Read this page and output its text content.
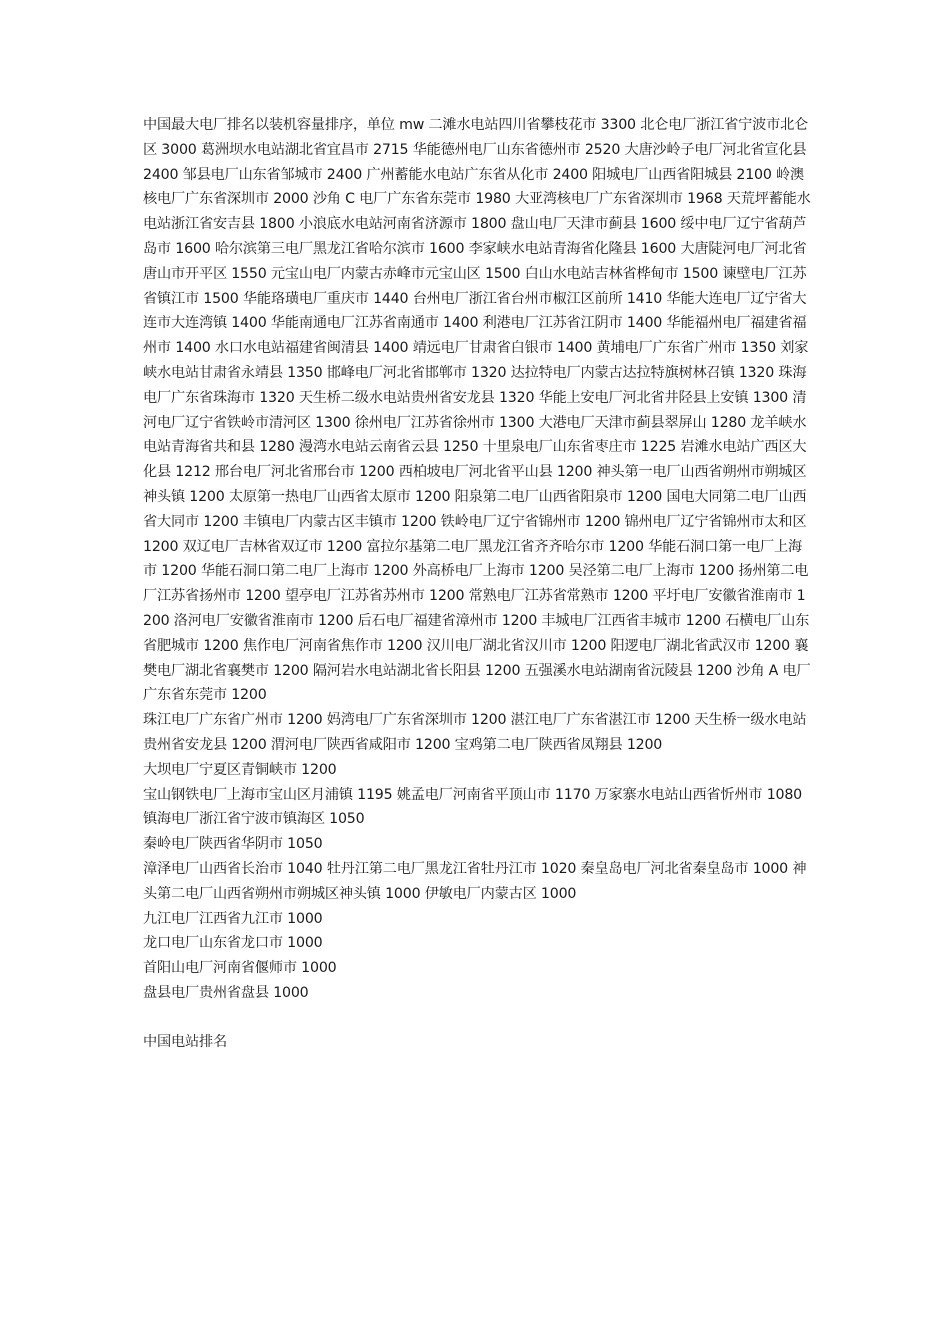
中国最大电厂排名以装机容量排序，单位 mw 二滩水电站四川省攀枝花市 3300 北仑电厂浙江省宁波市北仑区 3000 葛洲坝水电站湖北省宜昌市 2715 华能德州电厂山东省德州市 2520 大唐沙岭子电厂河北省宣化县 2400 邹县电厂山东省邹城市 2400 广州蓄能水电站广东省从化市 2400 阳城电厂山西省阳城县 2100 岭澳核电厂广东省深圳市 2000 沙角 C 电厂广东省东莞市 1980 大亚湾核电厂广东省深圳市 1968 天荒坪蓄能水电站浙江省安吉县 1800 小浪底水电站河南省济源市 1800 盘山电厂天津市蓟县 1600 绥中电厂辽宁省葫芦岛市 1600 哈尔滨第三电厂黑龙江省哈尔滨市 1600 李家峡水电站青海省化隆县 1600 大唐陡河电厂河北省唐山市开平区 1550 元宝山电厂内蒙古赤峰市元宝山区 1500 白山水电站吉林省桦甸市 1500 谏壁电厂江苏省镇江市 1500 华能珞璜电厂重庆市 1440 台州电厂浙江省台州市椒江区前所 1410 华能大连电厂辽宁省大连市大连湾镇 1400 华能南通电厂江苏省南通市 1400 利港电厂江苏省江阴市 1400 华能福州电厂福建省福州市 1400 水口水电站福建省闽清县 1400 靖远电厂甘肃省白银市 1400 黄埔电厂广东省广州市 1350 刘家峡水电站甘肃省永靖县 1350 邯峰电厂河北省邯郸市 1320 达拉特电厂内蒙古达拉特旗树林召镇 1320 珠海电厂广东省珠海市 1320 天生桥二级水电站贵州省安龙县 1320 华能上安电厂河北省井陉县上安镇 1300 清河电厂辽宁省铁岭市清河区 1300 徐州电厂江苏省徐州市 1300 大港电厂天津市蓟县翠屏山 1280 龙羊峡水电站青海省共和县 1280 漫湾水电站云南省云县 1250 十里泉电厂山东省枣庄市 1225 岩滩水电站广西区大化县 1212 邢台电厂河北省邢台市 1200 西柏坡电厂河北省平山县 1200 神头第一电厂山西省朔州市朔城区神头镇 1200 太原第一热电厂山西省太原市 1200 阳泉第二电厂山西省阳泉市 1200 国电大同第二电厂山西省大同市 1200 丰镇电厂内蒙古区丰镇市 1200 铁岭电厂辽宁省锦州市 1200 锦州电厂辽宁省锦州市太和区 1200 双辽电厂吉林省双辽市 1200 富拉尔基第二电厂黑龙江省齐齐哈尔市 1200 华能石洞口第一电厂上海市 1200 华能石洞口第二电厂上海市 1200 外高桥电厂上海市 1200 吴泾第二电厂上海市 1200 扬州第二电厂江苏省扬州市 1200 望亭电厂江苏省苏州市 1200 常熟电厂江苏省常熟市 1200 平圩电厂安徽省淮南市 1200 洛河电厂安徽省淮南市 1200 后石电厂福建省漳州市 1200 丰城电厂江西省丰城市 1200 石横电厂山东省肥城市 1200 焦作电厂河南省焦作市 1200 汉川电厂湖北省汉川市 1200 阳逻电厂湖北省武汉市 1200 襄樊电厂湖北省襄樊市 1200 隔河岩水电站湖北省长阳县 1200 五强溪水电站湖南省沅陵县 1200 沙角 A 电厂广东省东莞市 1200

珠江电厂广东省广州市 1200 妈湾电厂广东省深圳市 1200 湛江电厂广东省湛江市 1200 天生桥一级水电站贵州省安龙县 1200 渭河电厂陕西省咸阳市 1200 宝鸡第二电厂陕西省凤翔县 1200

大坝电厂宁夏区青铜峡市 1200

宝山钢铁电厂上海市宝山区月浦镇 1195 姚孟电厂河南省平顶山市 1170 万家寨水电站山西省忻州市 1080

镇海电厂浙江省宁波市镇海区 1050

秦岭电厂陕西省华阴市 1050

漳泽电厂山西省长治市 1040 牡丹江第二电厂黑龙江省牡丹江市 1020 秦皇岛电厂河北省秦皇岛市 1000 神头第二电厂山西省朔州市朔城区神头镇 1000 伊敏电厂内蒙古区 1000

九江电厂江西省九江市 1000

龙口电厂山东省龙口市 1000

首阳山电厂河南省偃师市 1000

盘县电厂贵州省盘县 1000

中国电站排名
